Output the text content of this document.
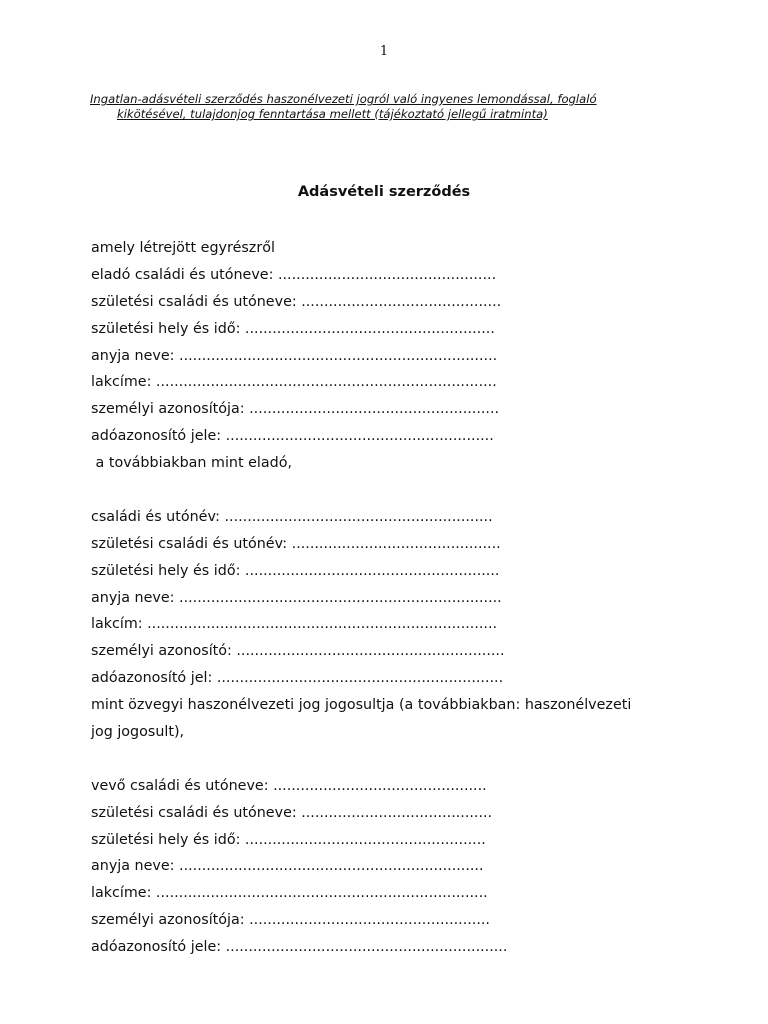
1
Ingatlan-adásvételi szerződés haszonélvezeti jogról való ingyenes lemondással, foglaló
kikötésével, tulajdonjog fenntartása mellett (tájékoztató jellegű iratminta)
Adásvételi szerződés
amely létrejött egyrészről
eladó családi és utóneve: ................................................
születési családi és utóneve: ............................................
születési hely és idő: .......................................................
anyja neve: ......................................................................
lakcíme: ...........................................................................
személyi azonosítója: .......................................................
adóazonosító jele: ...........................................................
a továbbiakban mint eladó,
családi és utónév: ...........................................................
születési családi és utónév: ..............................................
születési hely és idő: ........................................................
anyja neve: .......................................................................
lakcím: .............................................................................
személyi azonosító: ...........................................................
adóazonosító jel: ...............................................................
mint özvegyi haszonélvezeti jog jogosultja (a továbbiakban: haszonélvezeti
jog jogosult),
vevő családi és utóneve: ...............................................
születési családi és utóneve: ..........................................
születési hely és idő: .....................................................
anyja neve: ...................................................................
lakcíme: .........................................................................
személyi azonosítója: .....................................................
adóazonosító jele: ..............................................................
